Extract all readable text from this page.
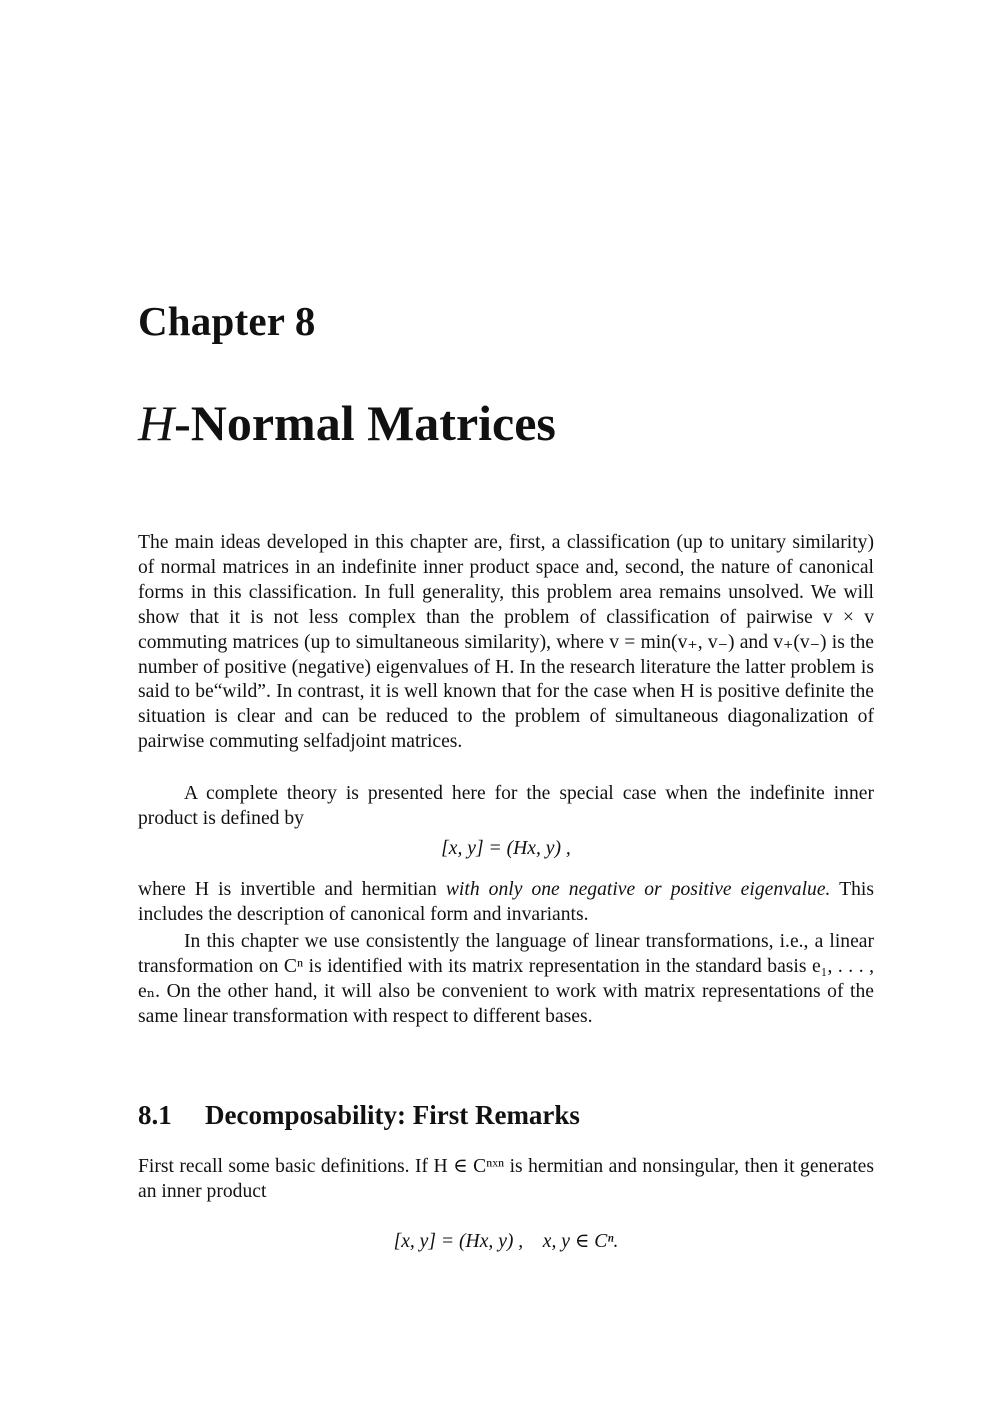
Chapter 8
H-Normal Matrices
The main ideas developed in this chapter are, first, a classification (up to unitary similarity) of normal matrices in an indefinite inner product space and, second, the nature of canonical forms in this classification. In full generality, this problem area remains unsolved. We will show that it is not less complex than the problem of classification of pairwise v × v commuting matrices (up to simultaneous similarity), where v = min(v₊, v₋) and v₊(v₋) is the number of positive (negative) eigenvalues of H. In the research literature the latter problem is said to be“wild”. In contrast, it is well known that for the case when H is positive definite the situation is clear and can be reduced to the problem of simultaneous diagonalization of pairwise commuting selfadjoint matrices.
A complete theory is presented here for the special case when the indefinite inner product is defined by
[x, y] = (Hx, y) ,
where H is invertible and hermitian with only one negative or positive eigenvalue. This includes the description of canonical form and invariants.
In this chapter we use consistently the language of linear transformations, i.e., a linear transformation on Cⁿ is identified with its matrix representation in the standard basis e₁, . . . , eₙ. On the other hand, it will also be convenient to work with matrix representations of the same linear transformation with respect to different bases.
8.1 Decomposability: First Remarks
First recall some basic definitions. If H ∈ Cⁿˣⁿ is hermitian and nonsingular, then it generates an inner product
[x, y] = (Hx, y) ,    x, y ∈ Cⁿ.
